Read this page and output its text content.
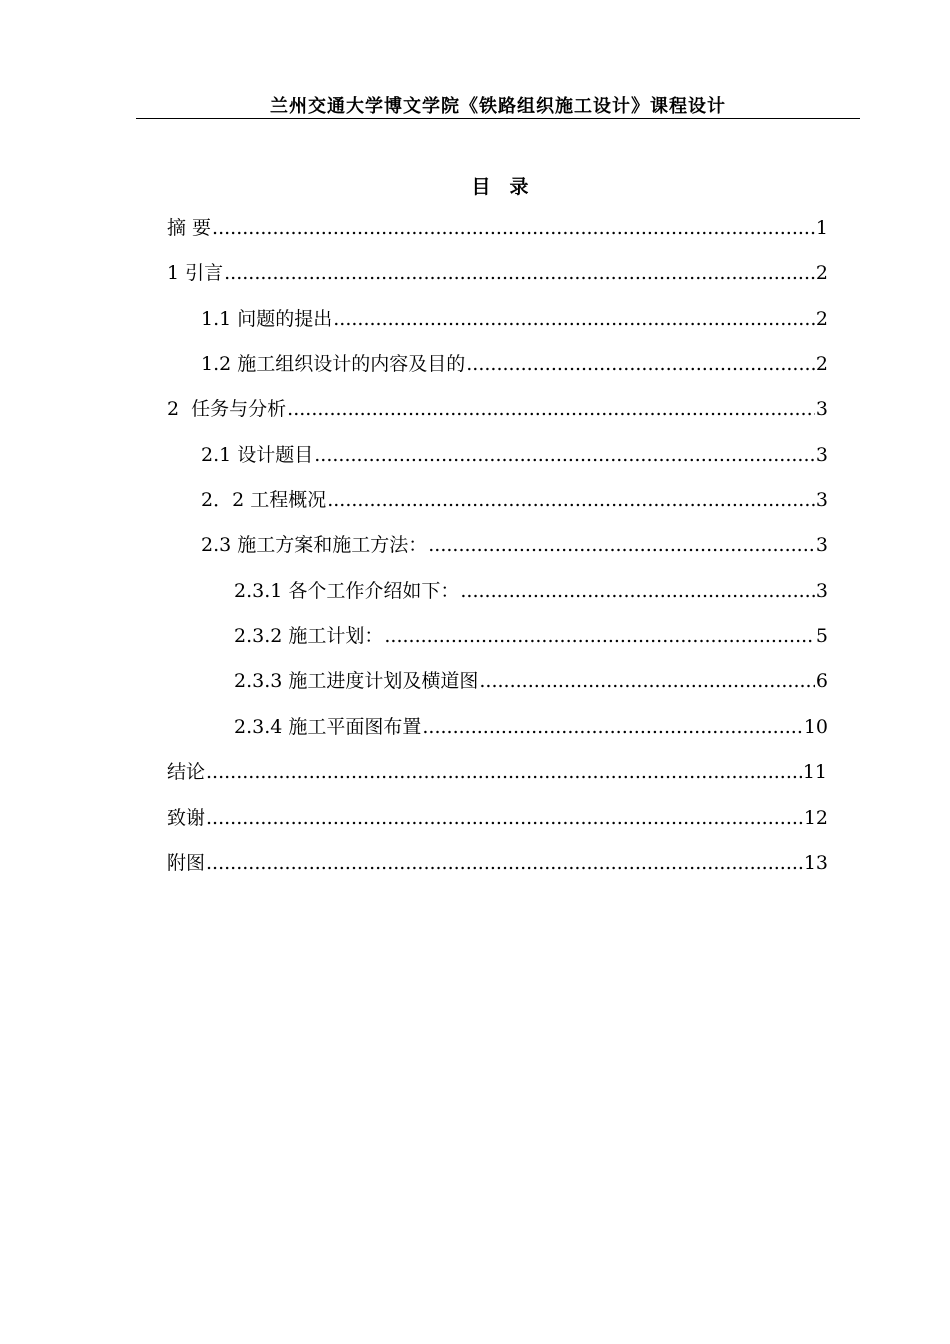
兰州交通大学博文学院《铁路组织施工设计》课程设计
目　录
摘 要 .....	1
1 引言 .....	2
1.1 问题的提出 .....	2
1.2 施工组织设计的内容及目的 .....	2
2  任务与分析 .....	3
2.1 设计题目 .....	3
2．2 工程概况 .....	3
2.3 施工方案和施工方法： .....	3
2.3.1 各个工作介绍如下： .....	3
2.3.2 施工计划： .....	5
2.3.3 施工进度计划及横道图 .....	6
2.3.4 施工平面图布置 .....	10
结论 .....	11
致谢 .....	12
附图 .....	13
